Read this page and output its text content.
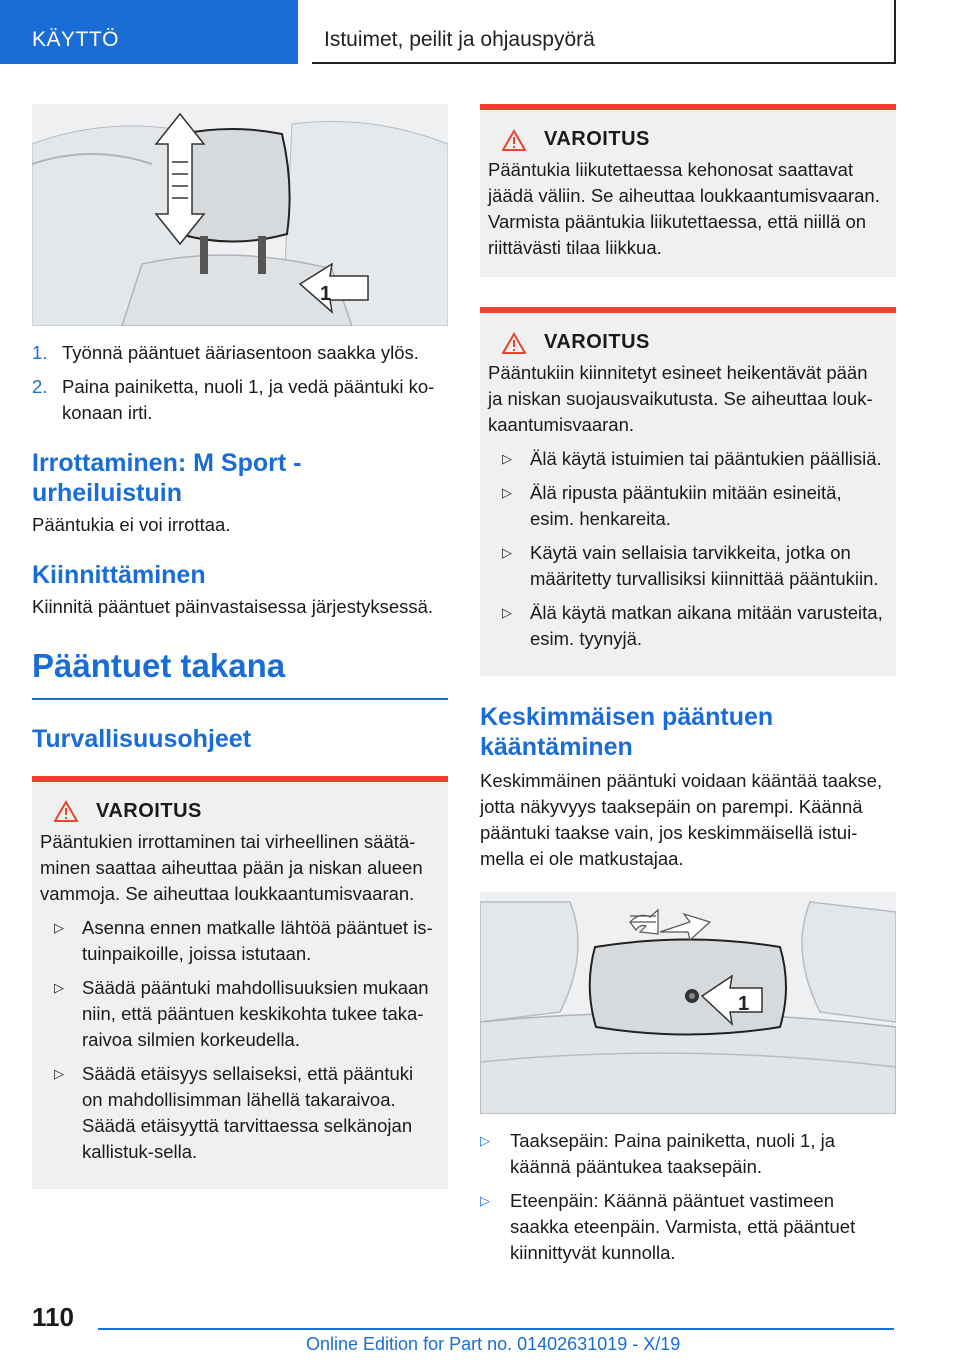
KÄYTTÖ	Istuimet, peilit ja ohjauspyörä
1
1. Työnnä pääntuet ääriasentoon saakka ylös.
2. Paina painiketta, nuoli 1, ja vedä pääntuki ko-konaan irti.
Irrottaminen: M Sport -urheiluistuin

Pääntukia ei voi irrottaa.

Kiinnittäminen

Kiinnitä pääntuet päinvastaisessa järjestyksessä.

Pääntuet takana
Turvallisuusohjeet
VAROITUS

Pääntukien irrottaminen tai virheellinen säätä-minen saattaa aiheuttaa pään ja niskan alueen vammoja. Se aiheuttaa loukkaantumisvaaran.

▷ Asenna ennen matkalle lähtöä pääntuet is-tuinpaikoille, joissa istutaan.
▷ Säädä pääntuki mahdollisuuksien mukaan niin, että pääntuen keskikohta tukee taka-raivoa silmien korkeudella.
▷ Säädä etäisyys sellaiseksi, että pääntuki on mahdollisimman lähellä takaraivoa. Säädä etäisyyttä tarvittaessa selkänojan kallistuk-sella.
VAROITUS

Pääntukia liikutettaessa kehonosat saattavat jäädä väliin. Se aiheuttaa loukkaantumisvaaran. Varmista pääntukia liikutettaessa, että niillä on riittävästi tilaa liikkua.

VAROITUS

Pääntukiin kiinnitetyt esineet heikentävät pään ja niskan suojausvaikutusta. Se aiheuttaa louk-kaantumisvaaran.

▷ Älä käytä istuimien tai pääntukien päällisiä.
▷ Älä ripusta pääntukiin mitään esineitä, esim. henkareita.
▷ Käytä vain sellaisia tarvikkeita, jotka on määritetty turvallisiksi kiinnittää pääntukiin.
▷ Älä käytä matkan aikana mitään varusteita, esim. tyynyjä.
Keskimmäisen pääntuen kääntäminen

Keskimmäinen pääntuki voidaan kääntää taakse, jotta näkyvyys taaksepäin on parempi. Käännä pääntuki taakse vain, jos keskimmäisellä istui-mella ei ole matkustajaa.

1
▷ Taaksepäin: Paina painiketta, nuoli 1, ja käännä pääntukea taaksepäin.
▷ Eteenpäin: Käännä pääntuet vastimeen saakka eteenpäin. Varmista, että pääntuet kiinnittyvät kunnolla.
110
Online Edition for Part no. 01402631019 - X/19
